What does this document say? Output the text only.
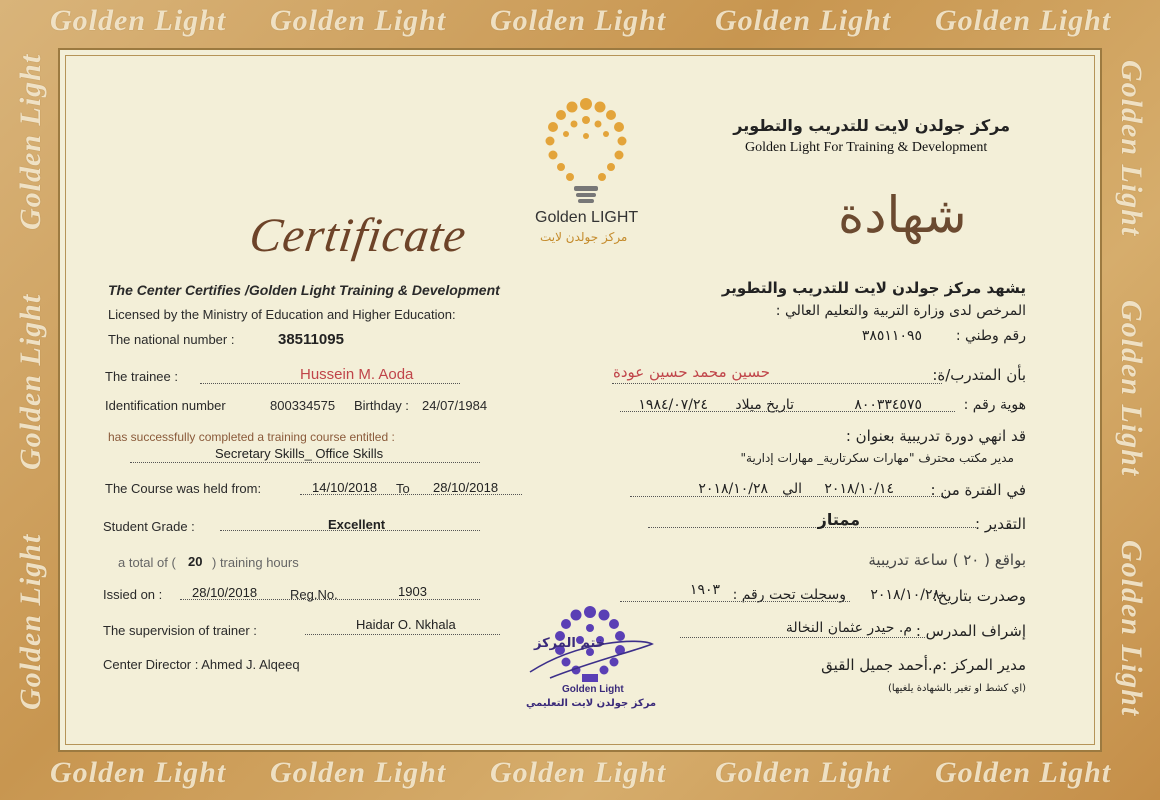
Golden Light Golden Light Golden Light Golden Light Golden Light
Golden Light Golden Light Golden Light Golden Light Golden Light
Golden Light
Golden Light
Golden Light
Golden Light
Golden Light
Golden Light
Golden LIGHT
مركز جولدن لايت
مركز جولدن لايت للتدريب والتطوير
Golden Light For Training & Development
Certificate	شهادة
The Center Certifies /Golden Light Training & Development
Licensed by the Ministry of Education and Higher Education:
The national number :	38511095
The trainee :	Hussein M. Aoda
Identification number	800334575 Birthday : 24/07/1984
has successfully completed a training course entitled :
Secretary Skills_ Office Skills
The Course was held from:	14/10/2018 To 28/10/2018
Student Grade :	Excellent
a total of ( 20 ) training hours
Issied on : 28/10/2018	Reg.No.	1903
The supervision of trainer :	Haidar O. Nkhala
Center Director : Ahmed J. Alqeeq
يشهد مركز جولدن لايت للتدريب والتطوير
المرخص لدى وزارة التربية والتعليم العالي :
رقم وطني :
٣٨٥١١٠٩٥
بأن المتدرب/ة:
حسين محمد حسين عودة
هوية رقم :
٨٠٠٣٣٤٥٧٥
تاريخ ميلاد
١٩٨٤/٠٧/٢٤
قد انهي دورة تدريبية بعنوان :
مدير مكتب محترف "مهارات سكرتارية_ مهارات إدارية"
في الفترة من :
٢٠١٨/١٠/١٤
الي
٢٠١٨/١٠/٢٨
التقدير :
ممتاز
بواقع ( ٢٠ ) ساعة تدريبية
وصدرت بتاريخ:
٢٠١٨/١٠/٢٨
وسجلت تحت رقم :
١٩٠٣
إشراف المدرس :
م. حيدر عثمان النخالة
مدير المركز :م.أحمد جميل القيق
(اي كشط او تغير بالشهادة يلغيها)
ختم المركز
Golden Light
مركز جولدن لايت التعليمي
